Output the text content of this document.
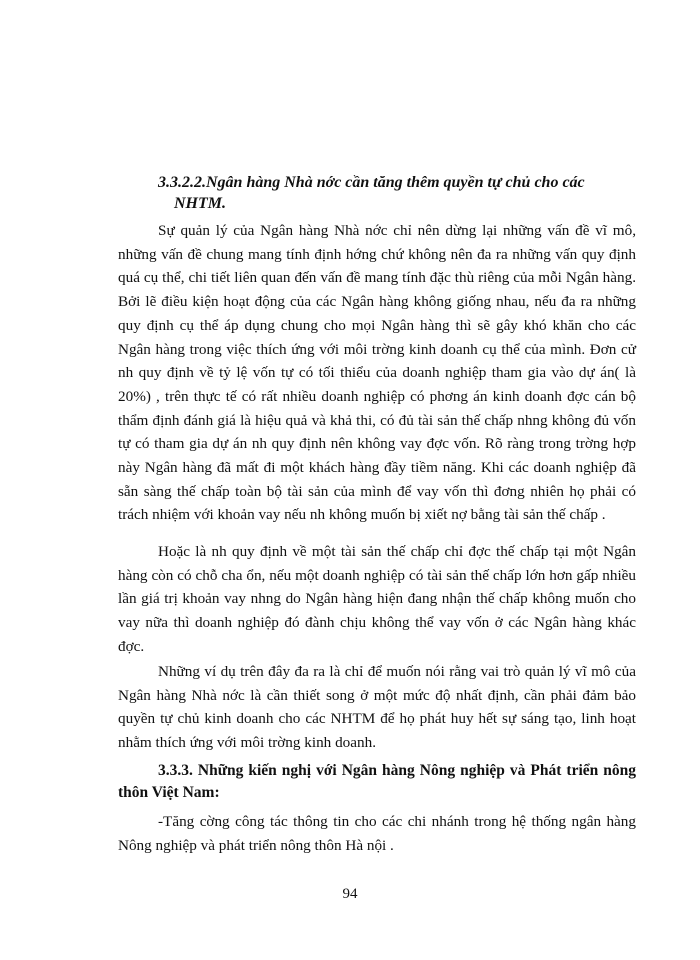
3.3.2.2.Ngân hàng Nhà nớc cần tăng thêm quyền tự chủ cho các
NHTM.

Sự quản lý của Ngân hàng Nhà nớc chỉ nên dừng lại những vấn đề vĩ mô, những vấn đề chung mang tính định hớng chứ không nên đa ra những vấn quy định quá cụ thể, chi tiết liên quan đến vấn đề mang tính đặc thù riêng của mỗi Ngân hàng. Bởi lẽ điều kiện hoạt động của các Ngân hàng không giống nhau, nếu đa ra những quy định cụ thể áp dụng chung cho mọi Ngân hàng thì sẽ gây khó khăn cho các Ngân hàng trong việc thích ứng với môi trờng kinh doanh cụ thể của mình. Đơn cử nh quy định về tỷ lệ vốn tự có tối thiểu của doanh nghiệp tham gia vào dự án( là 20%) , trên thực tế có rất nhiều doanh nghiệp có phơng án kinh doanh đợc cán bộ thẩm định đánh giá là hiệu quả và khả thi, có đủ tài sản thế chấp nhng không đủ vốn tự có tham gia dự án nh quy định nên không vay đợc vốn. Rõ ràng trong trờng hợp này Ngân hàng đã mất đi một khách hàng đầy tiềm năng. Khi các doanh nghiệp đã sẵn sàng thế chấp toàn bộ tài sản của mình để vay vốn thì đơng nhiên họ phải có trách nhiệm với khoản vay nếu nh không muốn bị xiết nợ bằng tài sản thế chấp .

Hoặc là nh quy định về một tài sản thế chấp chỉ đợc thế chấp tại một Ngân hàng còn có chỗ cha ổn, nếu một doanh nghiệp có tài sản thế chấp lớn hơn gấp nhiều lần giá trị khoản vay nhng do Ngân hàng hiện đang nhận thế chấp không muốn cho vay nữa thì doanh nghiệp đó đành chịu không thể vay vốn ở các Ngân hàng khác đợc.

Những ví dụ trên đây đa ra là chỉ để muốn nói rằng vai trò quản lý vĩ mô của Ngân hàng Nhà nớc là cần thiết song ở một mức độ nhất định, cần phải đảm bảo quyền tự chủ kinh doanh cho các NHTM để họ phát huy hết sự sáng tạo, linh hoạt nhằm thích ứng với môi trờng kinh doanh.

3.3.3. Những kiến nghị với Ngân hàng Nông nghiệp và Phát triển nông thôn Việt Nam:

-Tăng cờng công tác thông tin cho các chi nhánh trong hệ thống ngân hàng Nông nghiệp và phát triển nông thôn Hà nội .

94
